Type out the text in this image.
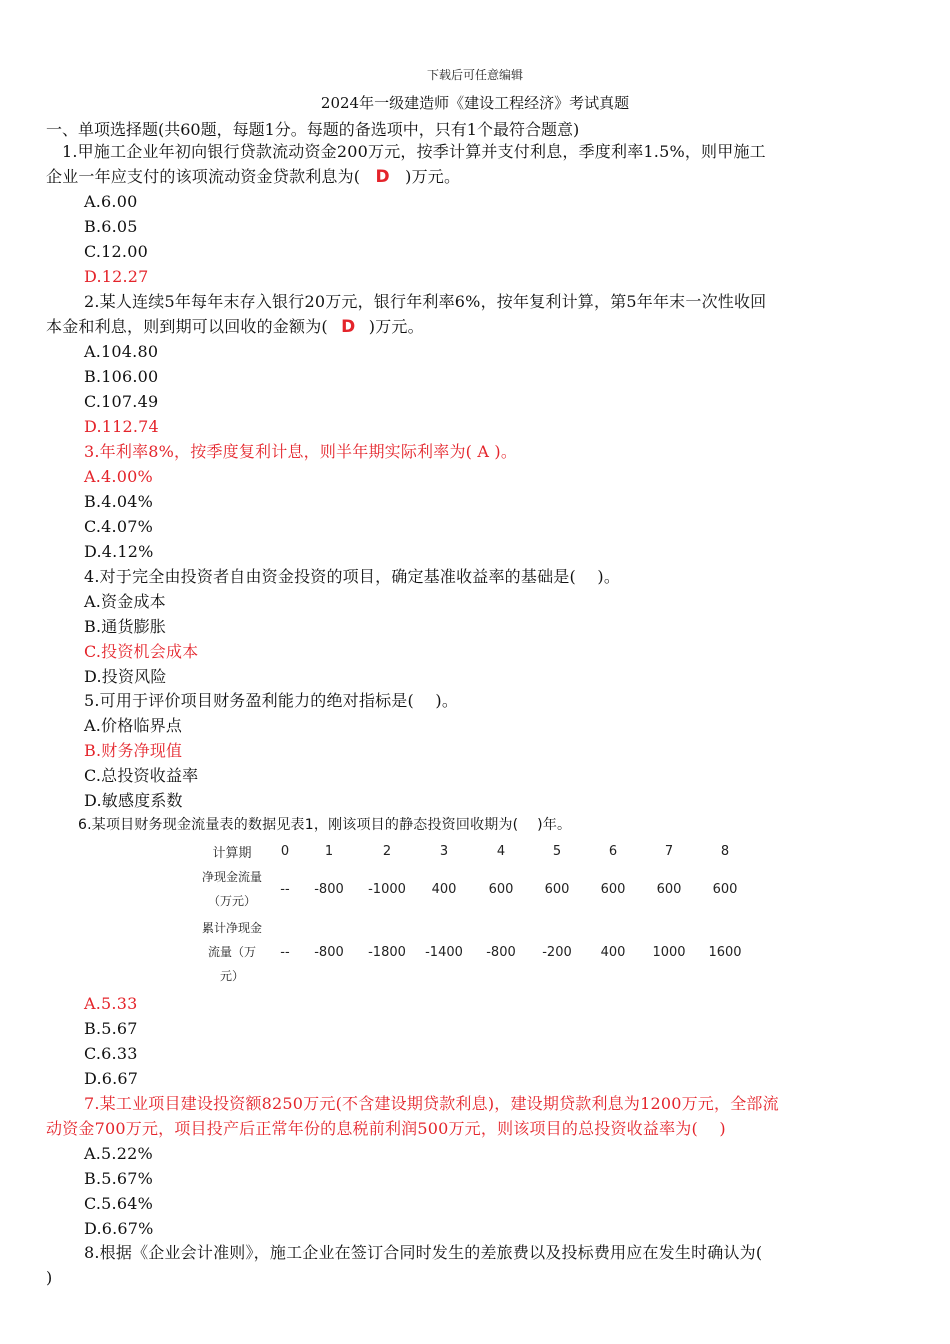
下载后可任意编辑
2024年一级建造师《建设工程经济》考试真题
一、单项选择题(共60题，每题1分。每题的备选项中，只有1个最符合题意)
1.甲施工企业年初向银行贷款流动资金200万元，按季计算并支付利息，季度利率1.5%，则甲施工
企业一年应支付的该项流动资金贷款利息为( D )万元。
A.6.00
B.6.05
C.12.00
D.12.27
2.某人连续5年每年末存入银行20万元，银行年利率6%，按年复利计算，第5年年末一次性收回
本金和利息，则到期可以回收的金额为( D )万元。
A.104.80
B.106.00
C.107.49
D.112.74
3.年利率8%，按季度复利计息，则半年期实际利率为( A )。
A.4.00%
B.4.04%
C.4.07%
D.4.12%
4.对于完全由投资者自由资金投资的项目，确定基准收益率的基础是(　 )。
A.资金成本
B.通货膨胀
C.投资机会成本
D.投资风险
5.可用于评价项目财务盈利能力的绝对指标是(　 )。
A.价格临界点
B.财务净现值
C.总投资收益率
D.敏感度系数
6.某项目财务现金流量表的数据见表1，刚该项目的静态投资回收期为(　 )年。
计算期	0	1	2	3	4	5	6	7	8

净现金流量
（万元）	--	-800	-1000	400	600	600	600	600	600

累计净现金
流量（万
元）	--	-800	-1800	-1400	-800	-200	400	1000	1600
A.5.33
B.5.67
C.6.33
D.6.67
7.某工业项目建设投资额8250万元(不含建设期贷款利息)，建设期贷款利息为1200万元，全部流
动资金700万元，项目投产后正常年份的息税前利润500万元，则该项目的总投资收益率为(　 )
A.5.22%
B.5.67%
C.5.64%
D.6.67%
8.根据《企业会计准则》，施工企业在签订合同时发生的差旅费以及投标费用应在发生时确认为(
)
